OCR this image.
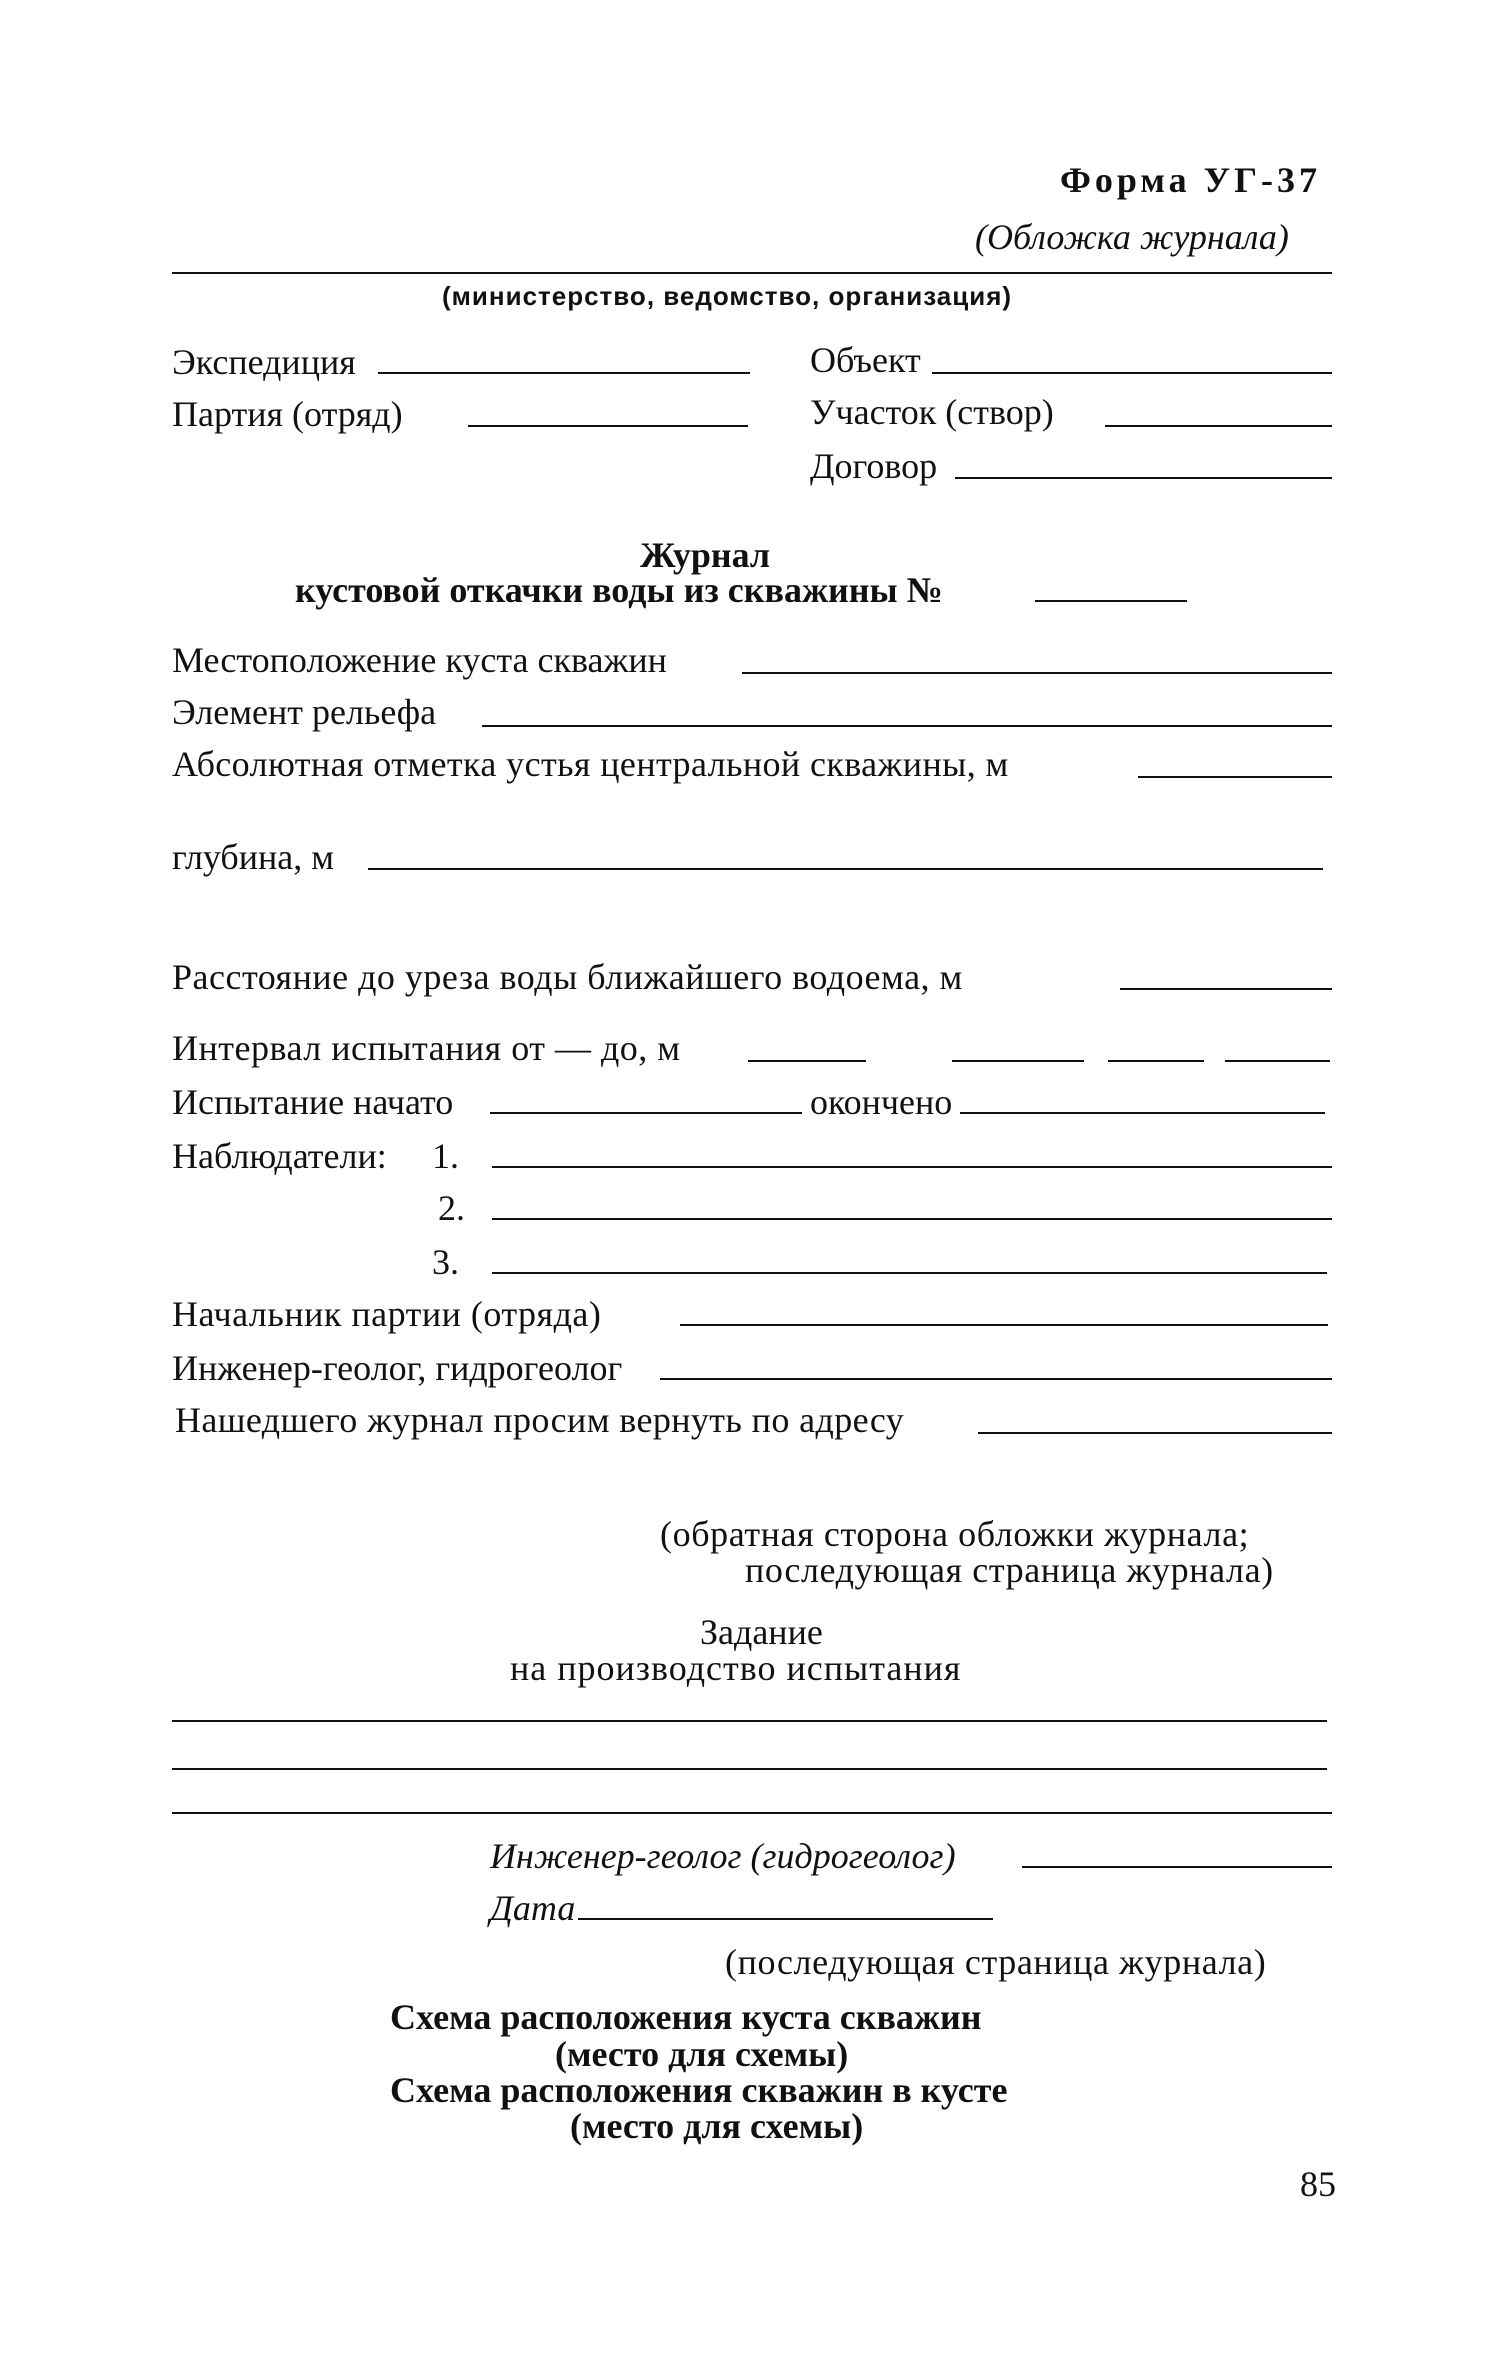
Форма УГ-37
(Обложка журнала)
(министерство, ведомство, организация)
Экспедиция
Партия (отряд)
Объект
Участок (створ)
Договор
Журнал
кустовой откачки воды из скважины №
Местоположение куста скважин
Элемент рельефа
Абсолютная отметка устья центральной скважины, м
глубина, м
Расстояние до уреза воды ближайшего водоема, м
Интервал испытания от — до, м
Испытание начато	окончено
Наблюдатели: 1.
2.
3.
Начальник партии (отряда)
Инженер-геолог, гидрогеолог
Нашедшего журнал просим вернуть по адресу
(обратная сторона обложки журнала;
последующая страница журнала)
Задание
на производство испытания
Инженер-геолог (гидрогеолог)
Дата
(последующая страница журнала)
Схема расположения куста скважин
(место для схемы)
Схема расположения скважин в кусте
(место для схемы)
85
